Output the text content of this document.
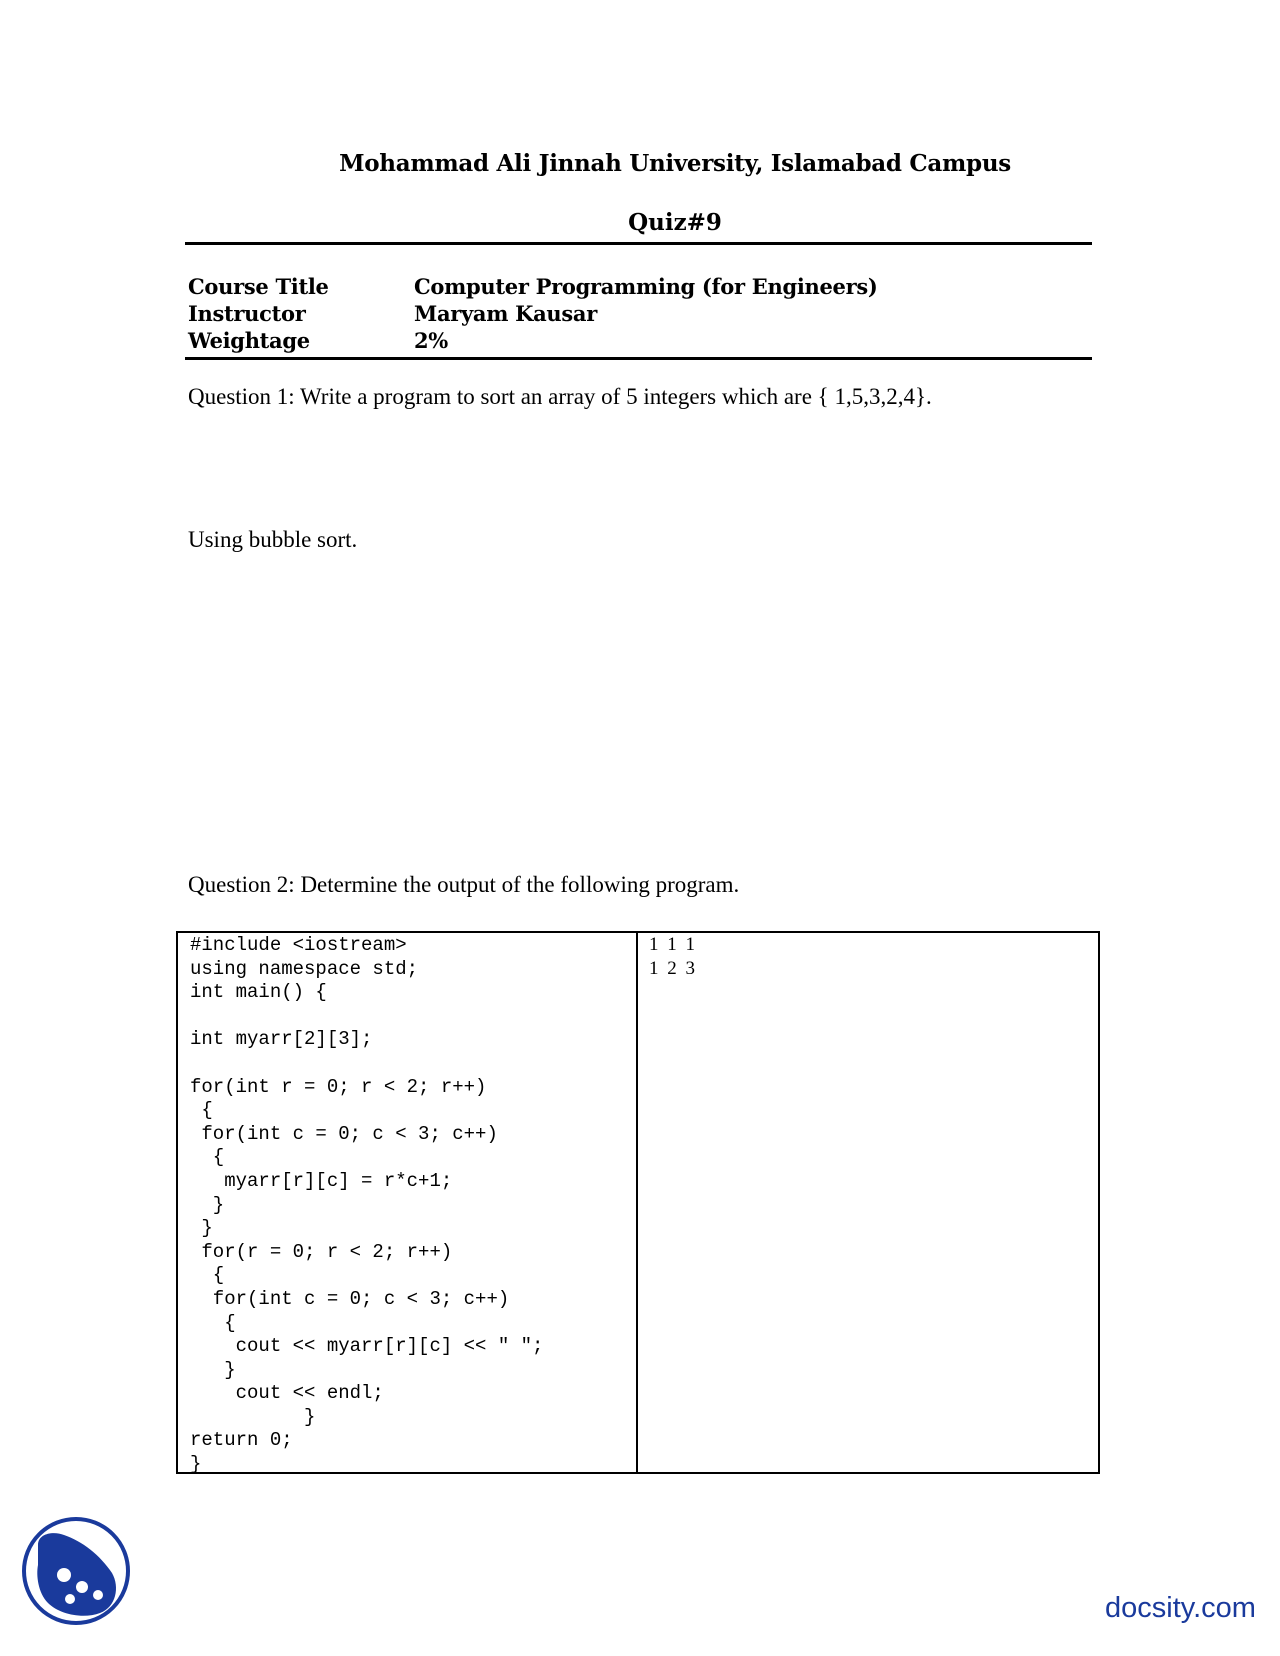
Mohammad Ali Jinnah University, Islamabad Campus
Quiz#9
Course Title	Computer Programming (for Engineers)
Instructor	Maryam Kausar
Weightage	2%
Question 1: Write a program to sort an array of 5 integers which are { 1,5,3,2,4}.
Using bubble sort.
Question 2: Determine the output of the following program.
#include <iostream>
using namespace std;
int main() {

int myarr[2][3];

for(int r = 0; r < 2; r++)
{
for(int c = 0; c < 3; c++)
{
myarr[r][c] = r*c+1;
}
}
for(r = 0; r < 2; r++)
{
for(int c = 0; c < 3; c++)
{
cout << myarr[r][c] << " ";
}
cout << endl;
}
return 0;
}
1 1 1
1 2 3
docsity.com
